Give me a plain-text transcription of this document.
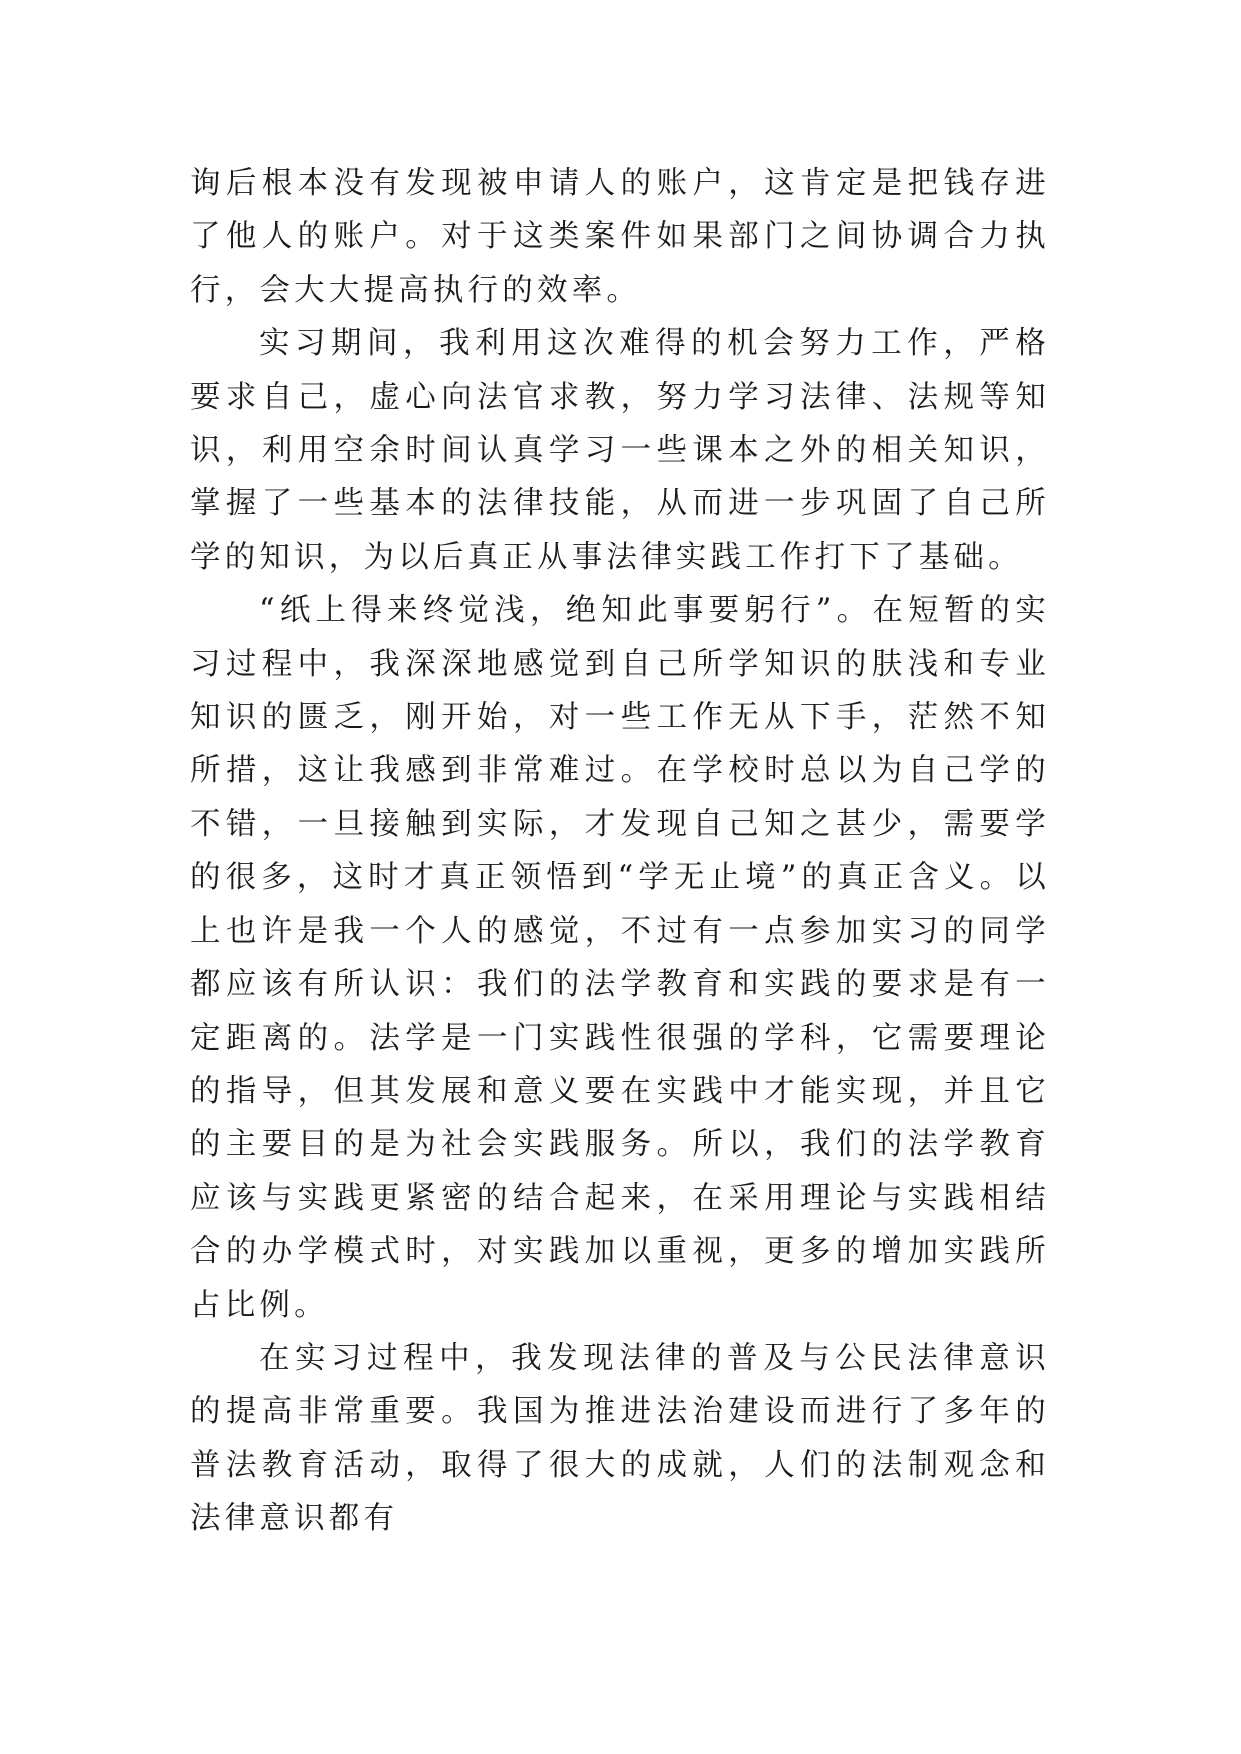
询后根本没有发现被申请人的账户，这肯定是把钱存进了他人的账户。对于这类案件如果部门之间协调合力执行，会大大提高执行的效率。

实习期间，我利用这次难得的机会努力工作，严格要求自己，虚心向法官求教，努力学习法律、法规等知识，利用空余时间认真学习一些课本之外的相关知识，掌握了一些基本的法律技能，从而进一步巩固了自己所学的知识，为以后真正从事法律实践工作打下了基础。

“纸上得来终觉浅，绝知此事要躬行”。在短暂的实习过程中，我深深地感觉到自己所学知识的肤浅和专业知识的匮乏，刚开始，对一些工作无从下手，茫然不知所措，这让我感到非常难过。在学校时总以为自己学的不错，一旦接触到实际，才发现自己知之甚少，需要学的很多，这时才真正领悟到“学无止境”的真正含义。以上也许是我一个人的感觉，不过有一点参加实习的同学都应该有所认识：我们的法学教育和实践的要求是有一定距离的。法学是一门实践性很强的学科，它需要理论的指导，但其发展和意义要在实践中才能实现，并且它的主要目的是为社会实践服务。所以，我们的法学教育应该与实践更紧密的结合起来，在采用理论与实践相结合的办学模式时，对实践加以重视，更多的增加实践所占比例。

在实习过程中，我发现法律的普及与公民法律意识的提高非常重要。我国为推进法治建设而进行了多年的普法教育活动，取得了很大的成就，人们的法制观念和法律意识都有
